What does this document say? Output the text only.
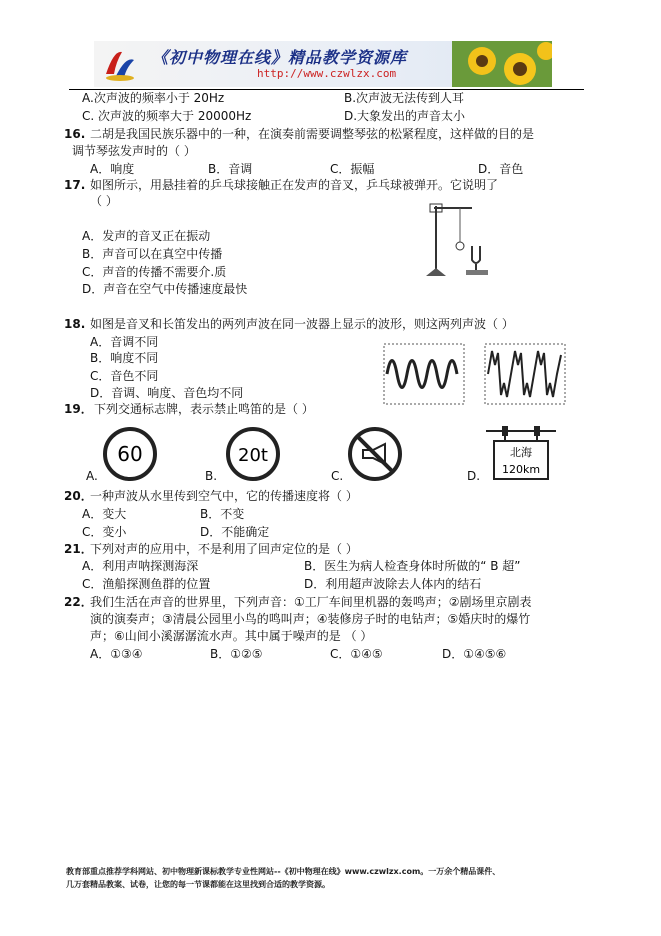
《初中物理在线》精品教学资源库
http://www.czwlzx.com
A.次声波的频率小于 20Hz	B.次声波无法传到人耳
C. 次声波的频率大于 20000Hz	D.大象发出的声音太小
16. 二胡是我国民族乐器中的一种，在演奏前需要调整琴弦的松紧程度，这样做的目的是
调节琴弦发声时的（ ）
A．响度	B．音调	C．振幅	D．音色
17. 如图所示，用悬挂着的乒乓球接触正在发声的音叉，乒乓球被弹开。它说明了
（ ）
A．发声的音叉正在振动
B．声音可以在真空中传播
C．声音的传播不需要介.质
D．声音在空气中传播速度最快
18. 如图是音叉和长笛发出的两列声波在同一波器上显示的波形，则这两列声波（ ）
A．音调不同
B．响度不同
C．音色不同
D．音调、响度、音色均不同
19． 下列交通标志牌，表示禁止鸣笛的是（ ）
60	20t	北海
120km
A.	B.	C.	D.
20．
一种声波从水里传到空气中，它的传播速度将（ ）
A．变大	B．不变
C．变小	D．不能确定
21．
下列对声的应用中，不是利用了回声定位的是（ ）
A．利用声呐探测海深	B．医生为病人检查身体时所做的“ B 超”
C．渔船探测鱼群的位置	D．利用超声波除去人体内的结石
22．
我们生活在声音的世界里，下列声音：①工厂车间里机器的轰鸣声；②剧场里京剧表
演的演奏声；③清晨公园里小鸟的鸣叫声；④装修房子时的电钻声；⑤婚庆时的爆竹
声；⑥山间小溪潺潺流水声。其中属于噪声的是 （ ）
A．①③④	B．①②⑤	C．①④⑤	D．①④⑤⑥
教育部重点推荐学科网站、初中物理新课标教学专业性网站--《初中物理在线》www.czwlzx.com。一万余个精品课件、
几万套精品教案、试卷，让您的每一节课都能在这里找到合适的教学资源。
